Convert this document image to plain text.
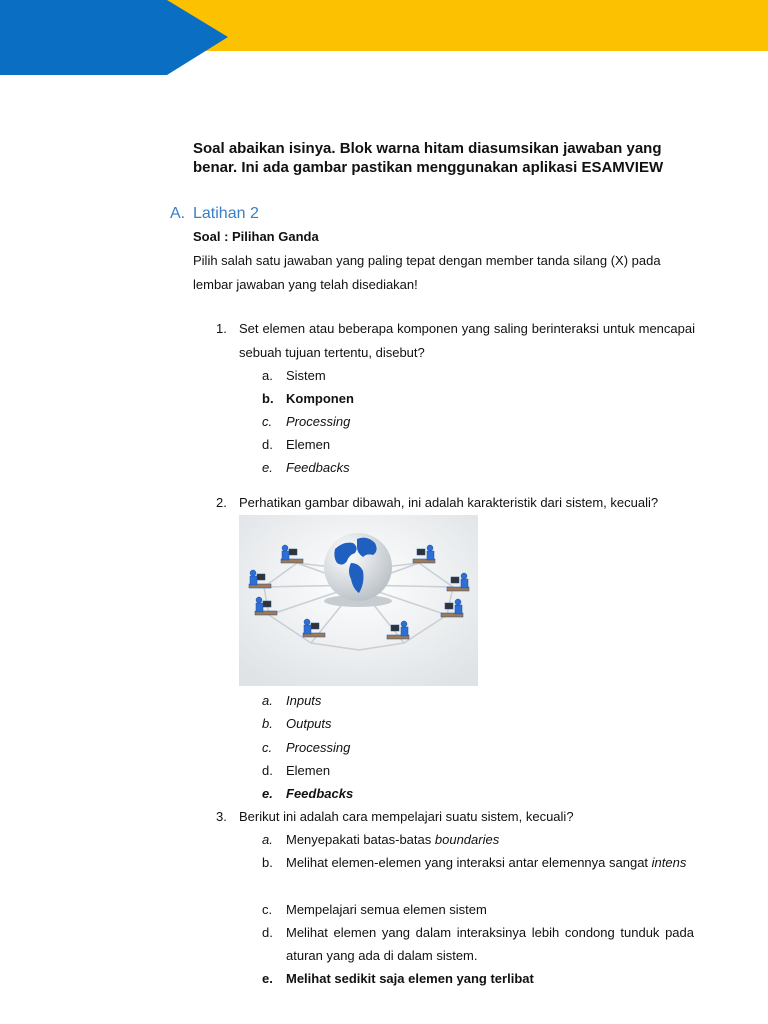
Soal abaikan isinya. Blok warna hitam diasumsikan jawaban yang benar. Ini ada gambar pastikan menggunakan aplikasi ESAMVIEW
A. Latihan 2
Soal : Pilihan Ganda
Pilih salah satu jawaban yang paling tepat dengan member tanda silang (X) pada lembar jawaban yang telah disediakan!
1. Set elemen atau beberapa komponen yang saling berinteraksi untuk mencapai sebuah tujuan tertentu, disebut?
a.	Sistem
b. Komponen
c.	Processing
d.	Elemen
e.	Feedbacks
2. Perhatikan gambar dibawah, ini adalah karakteristik dari sistem, kecuali?
a.	Inputs
b.	Outputs
c.	Processing
d.	Elemen
e.	Feedbacks
3. Berikut ini adalah cara mempelajari suatu sistem, kecuali?
a.	Menyepakati batas-batas boundaries
b.	Melihat elemen-elemen yang interaksi antar elemennya sangat intens
c.	Mempelajari semua elemen sistem
d.	Melihat elemen yang dalam interaksinya lebih condong tunduk pada aturan yang ada di dalam sistem.
e.	Melihat sedikit saja elemen yang terlibat
